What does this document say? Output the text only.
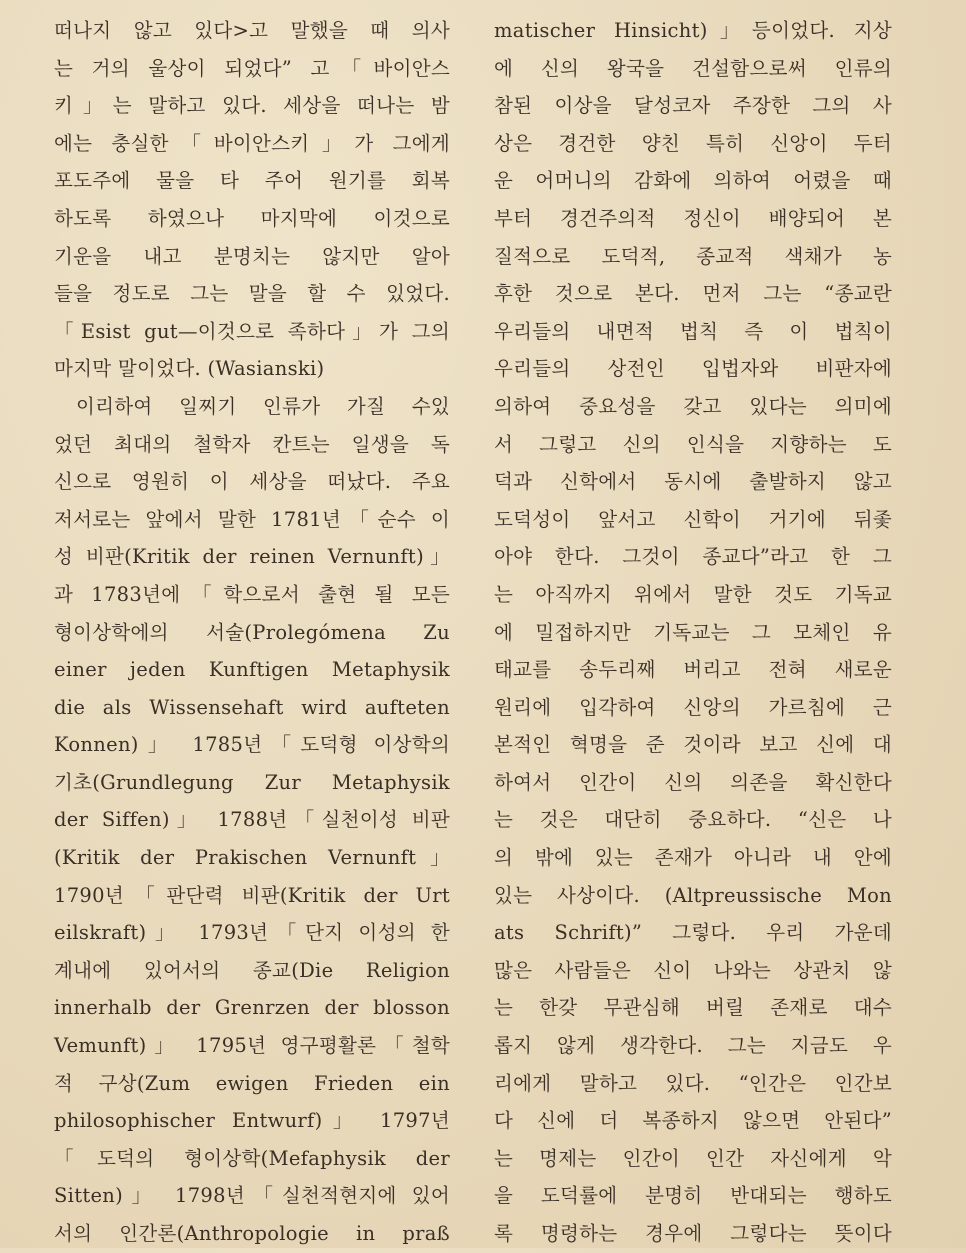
떠나지 않고 있다>고 말했을 때 의사
는 거의 울상이 되었다” 고「바이안스
키」는 말하고 있다. 세상을 떠나는 밤
에는 충실한「바이안스키」가 그에게
포도주에 물을 타 주어 원기를 회복
하도록 하였으나 마지막에 이것으로
기운을 내고 분명치는 않지만 알아
들을 정도로 그는 말을 할 수 있었다.
「Esist gut—이것으로 족하다」가 그의
마지막 말이었다. (Wasianski)
이리하여 일찌기 인류가 가질 수있
었던 최대의 철학자 칸트는 일생을 독
신으로 영원히 이 세상을 떠났다. 주요
저서로는 앞에서 말한 1781년「순수 이
성 비판(Kritik der reinen Vernunft)」
과 1783년에「학으로서 출현 될 모든
형이상학에의 서술(Prolegómena Zu
einer jeden Kunftigen Metaphysik
die als Wissensehaft wird aufteten
Konnen)」 1785년「도덕형 이상학의
기초(Grundlegung Zur Metaphysik
der Siffen)」 1788년「실천이성 비판
(Kritik der Prakischen Vernunft」
1790년「판단력 비판(Kritik der Urt
eilskraft)」 1793년「단지 이성의 한
계내에 있어서의 종교(Die Religion
innerhalb der Grenrzen der blosson
Vemunft)」 1795년 영구평활론「철학
적 구상(Zum ewigen Frieden ein
philosophischer Entwurf)」 1797년
「도덕의 형이상학(Mefaphysik der
Sitten)」 1798년「실천적현지에 있어
서의 인간론(Anthropologie in praß
matischer Hinsicht)」등이었다. 지상
에 신의 왕국을 건설함으로써 인류의
참된 이상을 달성코자 주장한 그의 사
상은 경건한 양친 특히 신앙이 두터
운 어머니의 감화에 의하여 어렸을 때
부터 경건주의적 정신이 배양되어 본
질적으로 도덕적, 종교적 색채가 농
후한 것으로 본다. 먼저 그는 “종교란
우리들의 내면적 법칙 즉 이 법칙이
우리들의 상전인 입법자와 비판자에
의하여 중요성을 갖고 있다는 의미에
서 그렇고 신의 인식을 지향하는 도
덕과 신학에서 동시에 출발하지 않고
도덕성이 앞서고 신학이 거기에 뒤좇
아야 한다. 그것이 종교다”라고 한 그
는 아직까지 위에서 말한 것도 기독교
에 밀접하지만 기독교는 그 모체인 유
태교를 송두리째 버리고 전혀 새로운
원리에 입각하여 신앙의 가르침에 근
본적인 혁명을 준 것이라 보고 신에 대
하여서 인간이 신의 의존을 확신한다
는 것은 대단히 중요하다. “신은 나
의 밖에 있는 존재가 아니라 내 안에
있는 사상이다. (Altpreussische Mon
ats Schrift)” 그렇다. 우리 가운데
많은 사람들은 신이 나와는 상관치 않
는 한갖 무관심해 버릴 존재로 대수
롭지 않게 생각한다. 그는 지금도 우
리에게 말하고 있다. “인간은 인간보
다 신에 더 복종하지 않으면 안된다”
는 명제는 인간이 인간 자신에게 악
을 도덕률에 분명히 반대되는 행하도
록 명령하는 경우에 그렇다는 뜻이다
